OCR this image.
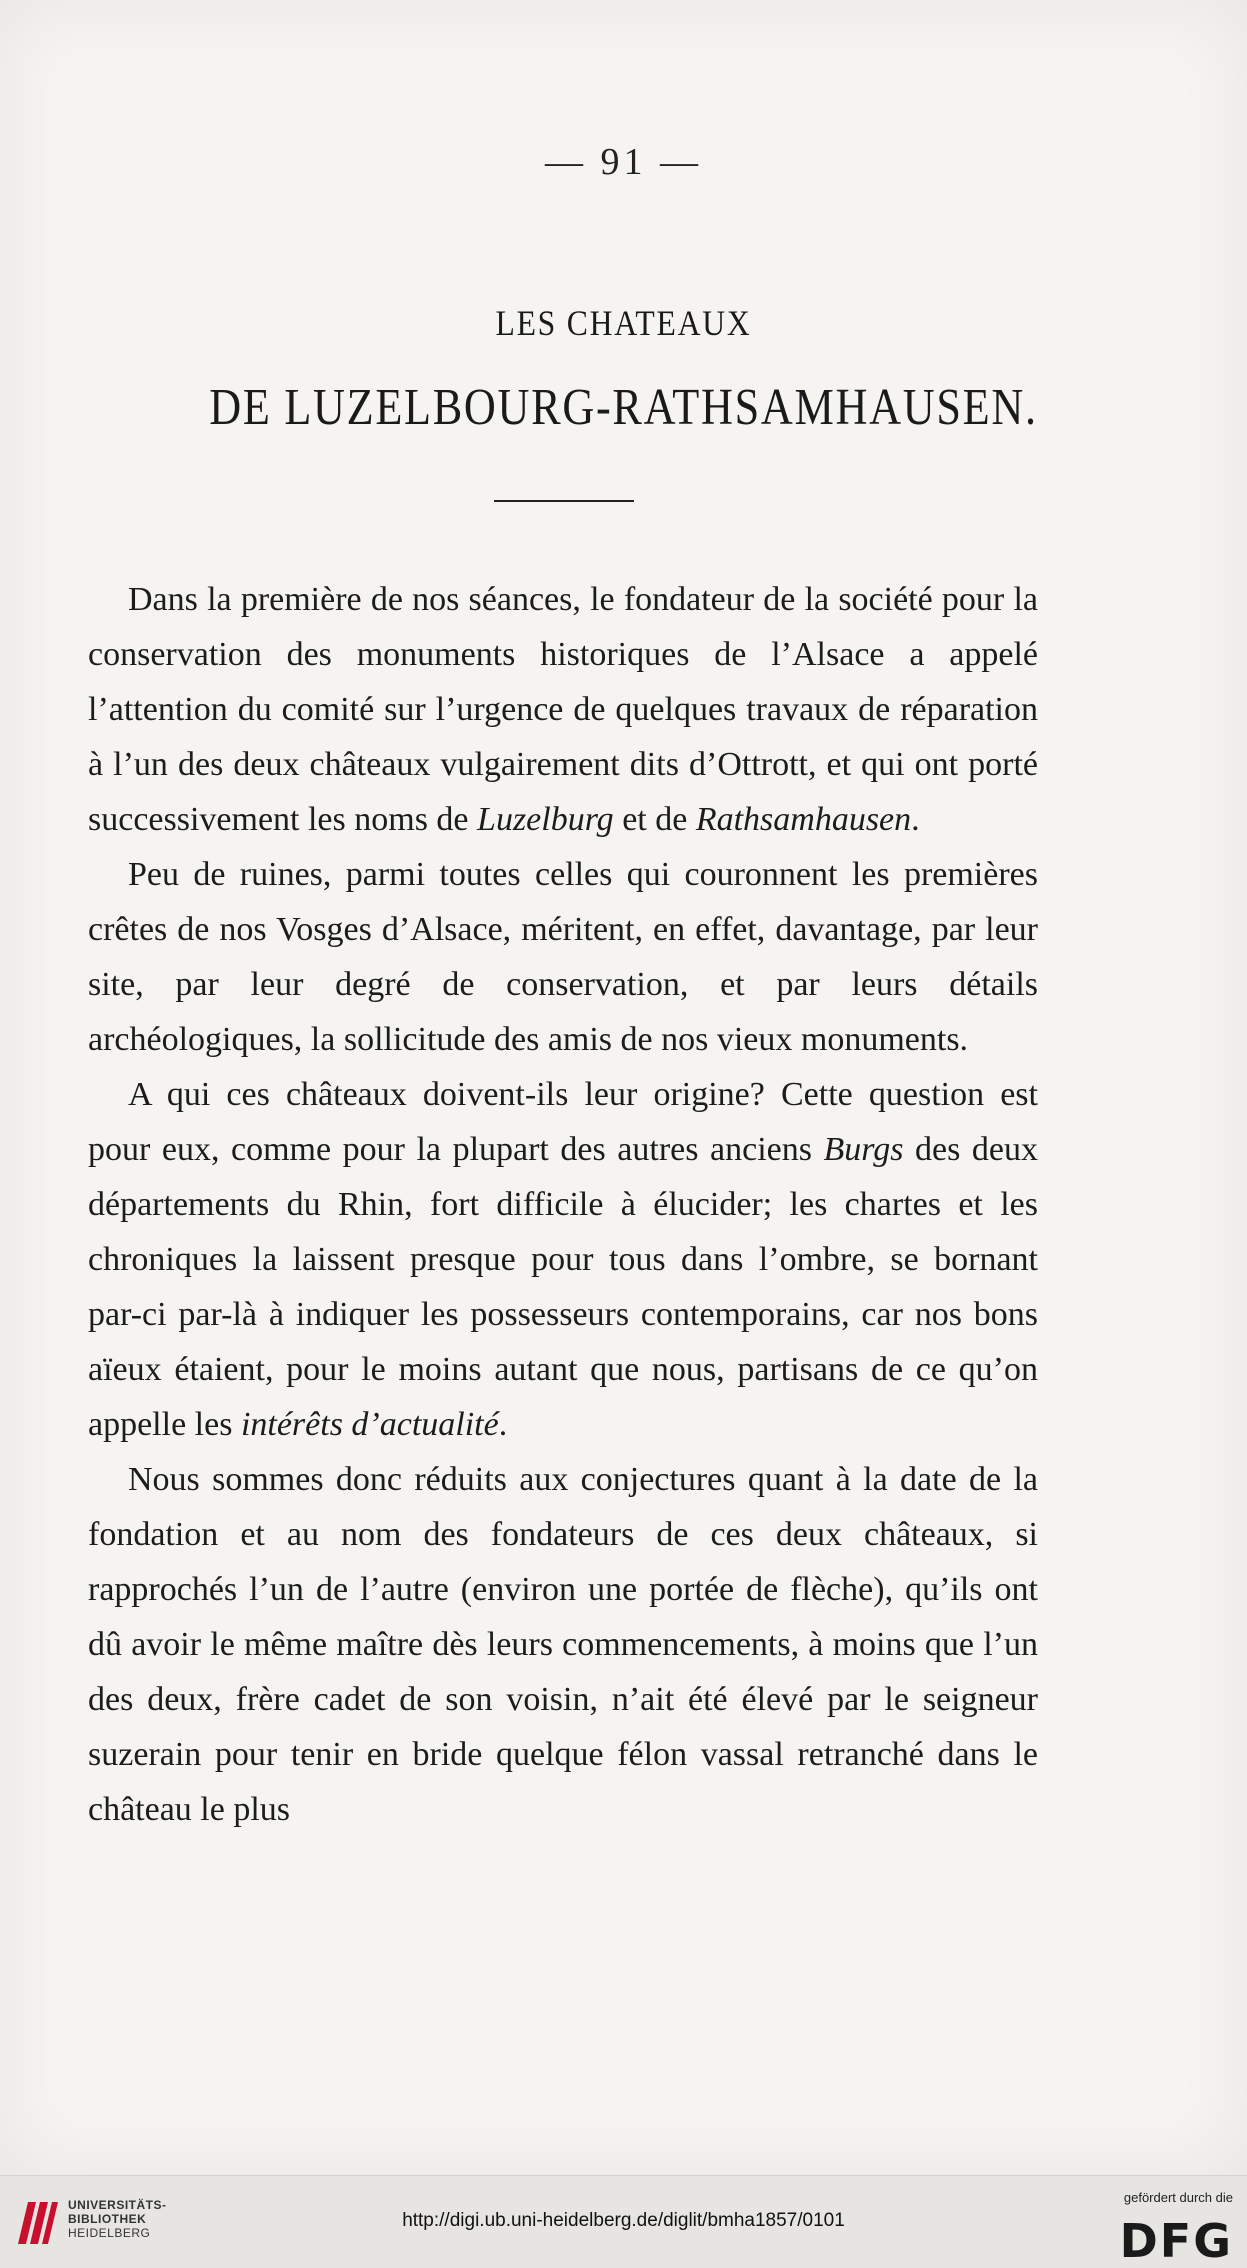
— 91 —
LES CHATEAUX
DE LUZELBOURG-RATHSAMHAUSEN.

Dans la première de nos séances, le fondateur de la société pour la conservation des monuments historiques de l’Alsace a appelé l’attention du comité sur l’urgence de quelques travaux de réparation à l’un des deux châteaux vulgairement dits d’Ottrott, et qui ont porté successivement les noms de Luzelburg et de Rathsamhausen.

Peu de ruines, parmi toutes celles qui couronnent les premières crêtes de nos Vosges d’Alsace, méritent, en effet, davantage, par leur site, par leur degré de conservation, et par leurs détails archéologiques, la sollicitude des amis de nos vieux monuments.

A qui ces châteaux doivent-ils leur origine? Cette question est pour eux, comme pour la plupart des autres anciens Burgs des deux départements du Rhin, fort difficile à élucider; les chartes et les chroniques la laissent presque pour tous dans l’ombre, se bornant par-ci par-là à indiquer les possesseurs contemporains, car nos bons aïeux étaient, pour le moins autant que nous, partisans de ce qu’on appelle les intérêts d’actualité.

Nous sommes donc réduits aux conjectures quant à la date de la fondation et au nom des fondateurs de ces deux châteaux, si rapprochés l’un de l’autre (environ une portée de flèche), qu’ils ont dû avoir le même maître dès leurs commencements, à moins que l’un des deux, frère cadet de son voisin, n’ait été élevé par le seigneur suzerain pour tenir en bride quelque félon vassal retranché dans le château le plus

UNIVERSITÄTS-
BIBLIOTHEK
HEIDELBERG
http://digi.ub.uni-heidelberg.de/diglit/bmha1857/0101
gefördert durch die
DFG
